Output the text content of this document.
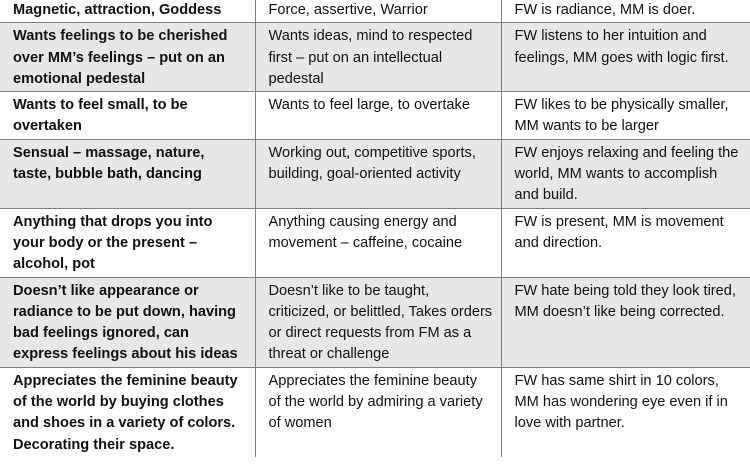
Magnetic, attraction, Goddess	Force, assertive, Warrior	FW is radiance, MM is doer.
Wants feelings to be cherished over MM’s feelings – put on an emotional pedestal	Wants ideas, mind to respected first – put on an intellectual pedestal	FW listens to her intuition and feelings, MM goes with logic first.
Wants to feel small, to be overtaken	Wants to feel large, to overtake	FW likes to be physically smaller, MM wants to be larger
Sensual – massage, nature, taste, bubble bath, dancing	Working out, competitive sports, building, goal-oriented activity	FW enjoys relaxing and feeling the world, MM wants to accomplish and build.
Anything that drops you into your body or the present – alcohol, pot	Anything causing energy and movement – caffeine, cocaine	FW is present, MM is movement and direction.
Doesn’t like appearance or radiance to be put down, having bad feelings ignored, can express feelings about his ideas	Doesn’t like to be taught, criticized, or belittled, Takes orders or direct requests from FM as a threat or challenge	FW hate being told they look tired, MM doesn’t like being corrected.
Appreciates the feminine beauty of the world by buying clothes and shoes in a variety of colors. Decorating their space.	Appreciates the feminine beauty of the world by admiring a variety of women	FW has same shirt in 10 colors, MM has wondering eye even if in love with partner.
